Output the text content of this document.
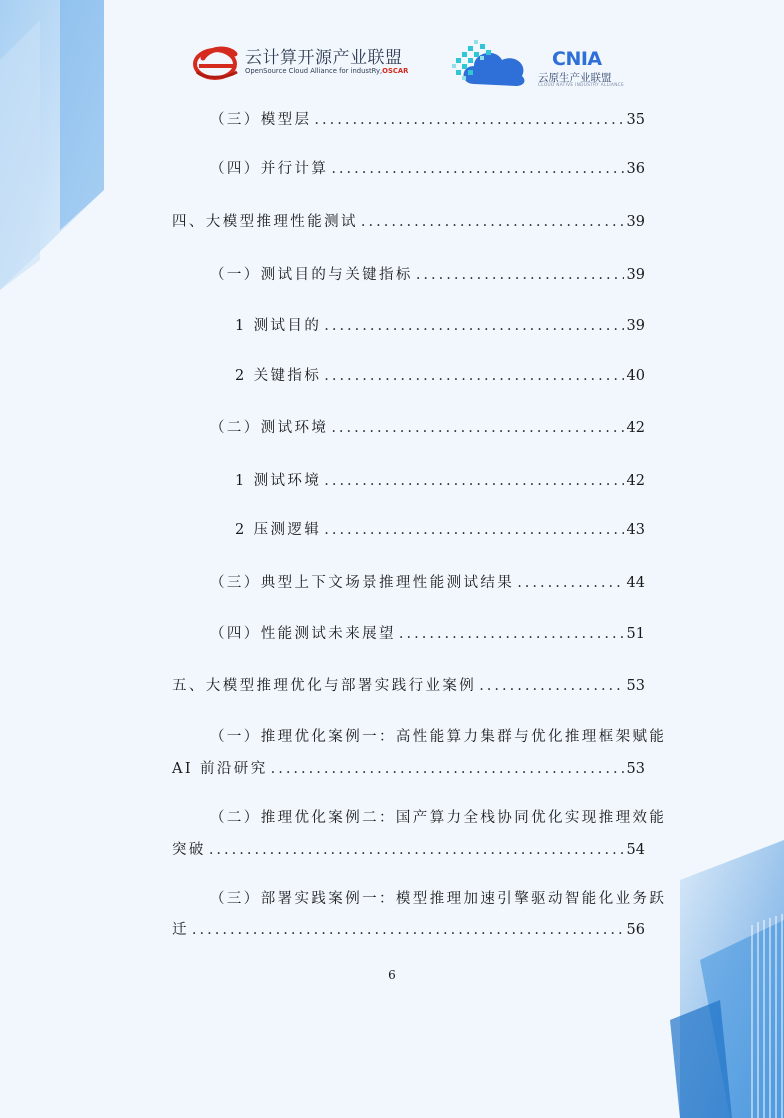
云计算开源产业联盟
OpenSource Cloud Alliance for industRy,OSCAR
CNIA
云原生产业联盟
CLOUD NATIVE INDUSTRY ALLIANCE
（三）模型层 .....	35
（四）并行计算 .....	36
四、大模型推理性能测试 .....	39
（一）测试目的与关键指标 .....	39
1 测试目的 .....	39
2 关键指标 .....	40
（二）测试环境 .....	42
1 测试环境 .....	42
2 压测逻辑 .....	43
（三）典型上下文场景推理性能测试结果 .....	44
（四）性能测试未来展望 .....	51
五、大模型推理优化与部署实践行业案例 .....	53
（一）推理优化案例一：高性能算力集群与优化推理框架赋能
AI 前沿研究 .....	53
（二）推理优化案例二：国产算力全栈协同优化实现推理效能
突破 .....	54
（三）部署实践案例一：模型推理加速引擎驱动智能化业务跃
迁 .....	56
6
